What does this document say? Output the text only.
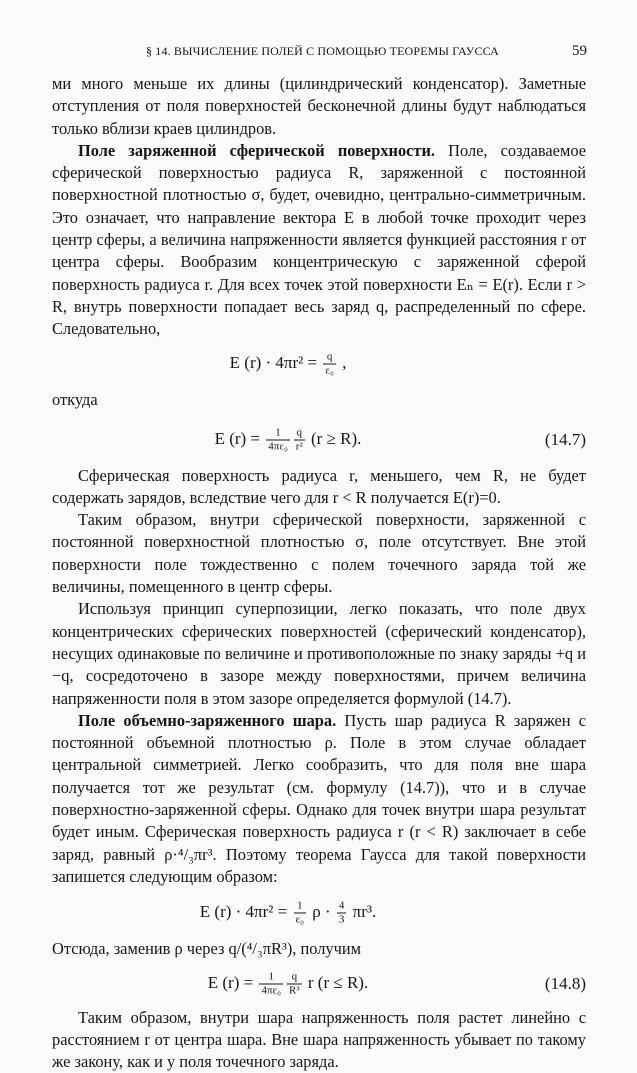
§ 14. ВЫЧИСЛЕНИЕ ПОЛЕЙ С ПОМОЩЬЮ ТЕОРЕМЫ ГАУССА	59

ми много меньше их длины (цилиндрический конденсатор). Заметные отступления от поля поверхностей бесконечной длины будут наблюдаться только вблизи краев цилиндров.

Поле заряженной сферической поверхности. Поле, создаваемое сферической поверхностью радиуса R, заряженной с постоянной поверхностной плотностью σ, будет, очевидно, центрально-симметричным. Это означает, что направление вектора E в любой точке проходит через центр сферы, а величина напряженности является функцией расстояния r от центра сферы. Вообразим концентрическую с заряженной сферой поверхность радиуса r. Для всех точек этой поверхности Eₙ = E(r). Если r > R, внутрь поверхности попадает весь заряд q, распределенный по сфере. Следовательно,

E $(r) \cdot 4\pi r^2 = \frac{q}{\text{ε₀}}$ ,
откуда
E $(r) = \frac{1}{\text{4πε₀}} \frac{q}{\text{r²}} (r \ge R)$.	(14.7)

Сферическая поверхность радиуса r, меньшего, чем R, не будет содержать зарядов, вследствие чего для r < R получается E(r)=0.

Таким образом, внутри сферической поверхности, заряженной с постоянной поверхностной плотностью σ, поле отсутствует. Вне этой поверхности поле тождественно с полем точечного заряда той же величины, помещенного в центр сферы.

Используя принцип суперпозиции, легко показать, что поле двух концентрических сферических поверхностей (сферический конденсатор), несущих одинаковые по величине и противоположные по знаку заряды +q и −q, сосредоточено в зазоре между поверхностями, причем величина напряженности поля в этом зазоре определяется формулой (14.7).

Поле объемно-заряженного шара. Пусть шар радиуса R заряжен с постоянной объемной плотностью ρ. Поле в этом случае обладает центральной симметрией. Легко сообразить, что для поля вне шара получается тот же результат (см. формулу (14.7)), что и в случае поверхностно-заряженной сферы. Однако для точек внутри шара результат будет иным. Сферическая поверхность радиуса r (r < R) заключает в себе заряд, равный ρ·⁴/₃πr³. Поэтому теорема Гаусса для такой поверхности запишется следующим образом:

E $(r) \cdot 4\pi r^2 = \frac{1}{\text{ε₀}}$ $\rho \cdot \frac{4}{3} \pi r^3$.

Отсюда, заменив ρ через q/(⁴/₃πR³), получим

E $(r) = \frac{1}{\text{4πε₀}} \frac{q}{\text{R³}}$ r (r ≤ R).	(14.8)

Таким образом, внутри шара напряженность поля растет линейно с расстоянием r от центра шара. Вне шара напряженность убывает по такому же закону, как и у поля точечного заряда.
